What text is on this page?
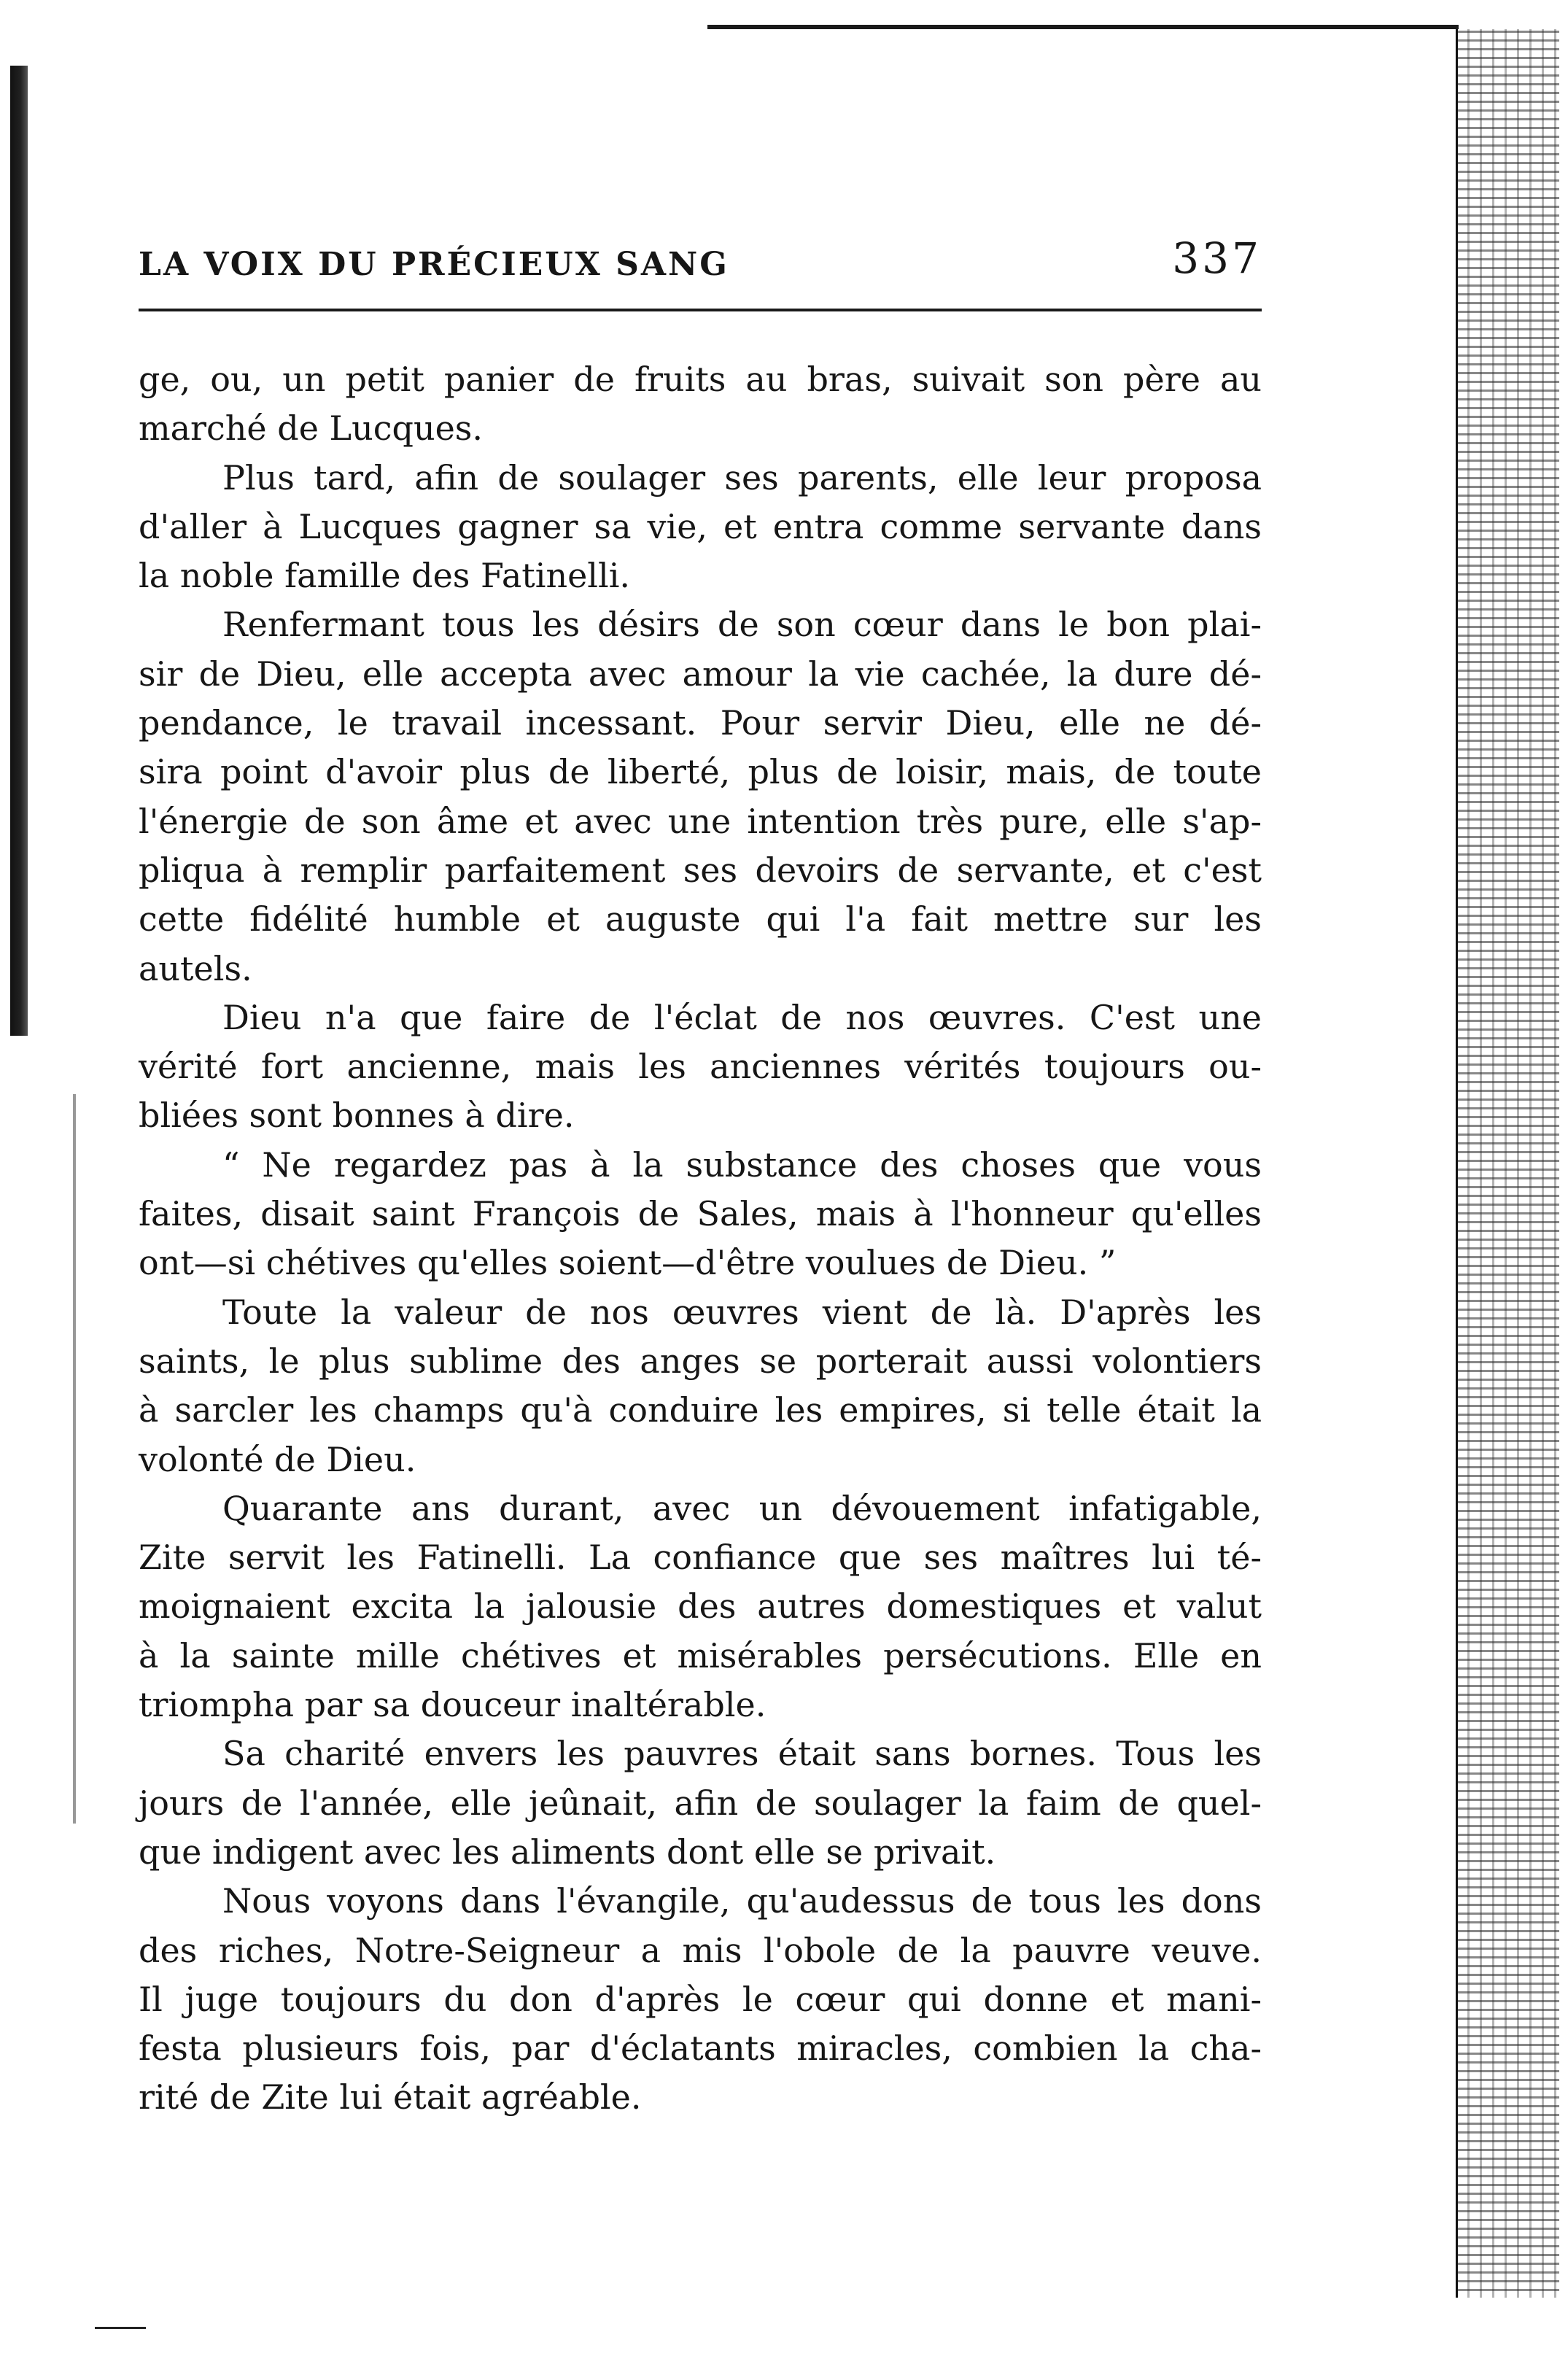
LA VOIX DU PRÉCIEUX SANG	337
ge, ou, un petit panier de fruits au bras, suivait son père au
marché de Lucques.
Plus tard, afin de soulager ses parents, elle leur proposa
d'aller à Lucques gagner sa vie, et entra comme servante dans
la noble famille des Fatinelli.
Renfermant tous les désirs de son cœur dans le bon plai-
sir de Dieu, elle accepta avec amour la vie cachée, la dure dé-
pendance, le travail incessant. Pour servir Dieu, elle ne dé-
sira point d'avoir plus de liberté, plus de loisir, mais, de toute
l'énergie de son âme et avec une intention très pure, elle s'ap-
pliqua à remplir parfaitement ses devoirs de servante, et c'est
cette fidélité humble et auguste qui l'a fait mettre sur les
autels.
Dieu n'a que faire de l'éclat de nos œuvres. C'est une
vérité fort ancienne, mais les anciennes vérités toujours ou-
bliées sont bonnes à dire.
“ Ne regardez pas à la substance des choses que vous
faites, disait saint François de Sales, mais à l'honneur qu'elles
ont—si chétives qu'elles soient—d'être voulues de Dieu. ”
Toute la valeur de nos œuvres vient de là. D'après les
saints, le plus sublime des anges se porterait aussi volontiers
à sarcler les champs qu'à conduire les empires, si telle était la
volonté de Dieu.
Quarante ans durant, avec un dévouement infatigable,
Zite servit les Fatinelli. La confiance que ses maîtres lui té-
moignaient excita la jalousie des autres domestiques et valut
à la sainte mille chétives et misérables persécutions. Elle en
triompha par sa douceur inaltérable.
Sa charité envers les pauvres était sans bornes. Tous les
jours de l'année, elle jeûnait, afin de soulager la faim de quel-
que indigent avec les aliments dont elle se privait.
Nous voyons dans l'évangile, qu'audessus de tous les dons
des riches, Notre-Seigneur a mis l'obole de la pauvre veuve.
Il juge toujours du don d'après le cœur qui donne et mani-
festa plusieurs fois, par d'éclatants miracles, combien la cha-
rité de Zite lui était agréable.
